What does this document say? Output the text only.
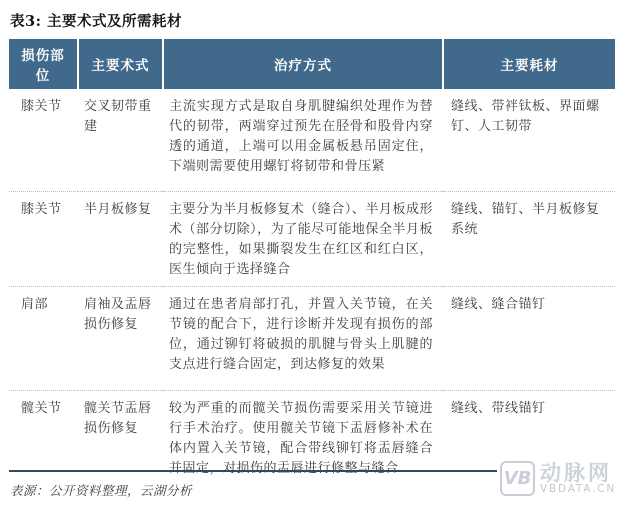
表3: 主要术式及所需耗材
损伤部位	主要术式	治疗方式	主要耗材
膝关节	交叉韧带重建	主流实现方式是取自身肌腱编织处理作为替代的韧带，两端穿过预先在胫骨和股骨内穿透的通道，上端可以用金属板悬吊固定住，下端则需要使用螺钉将韧带和骨压紧	缝线、带袢钛板、界面螺钉、人工韧带
膝关节	半月板修复	主要分为半月板修复术（缝合）、半月板成形术（部分切除），为了能尽可能地保全半月板的完整性，如果撕裂发生在红区和红白区，医生倾向于选择缝合	缝线、锚钉、半月板修复系统
肩部	肩袖及盂唇损伤修复	通过在患者肩部打孔，并置入关节镜，在关节镜的配合下，进行诊断并发现有损伤的部位，通过铆钉将破损的肌腱与骨头上肌腱的支点进行缝合固定，到达修复的效果	缝线、缝合锚钉
髋关节	髋关节盂唇损伤修复	较为严重的而髋关节损伤需要采用关节镜进行手术治疗。使用髋关节镜下盂唇修补术在体内置入关节镜，配合带线铆钉将盂唇缝合并固定，对损伤的盂唇进行修整与缝合	缝线、带线锚钉
表源：公开资料整理，云湖分析
VB 动脉网
VBDATA.CN
